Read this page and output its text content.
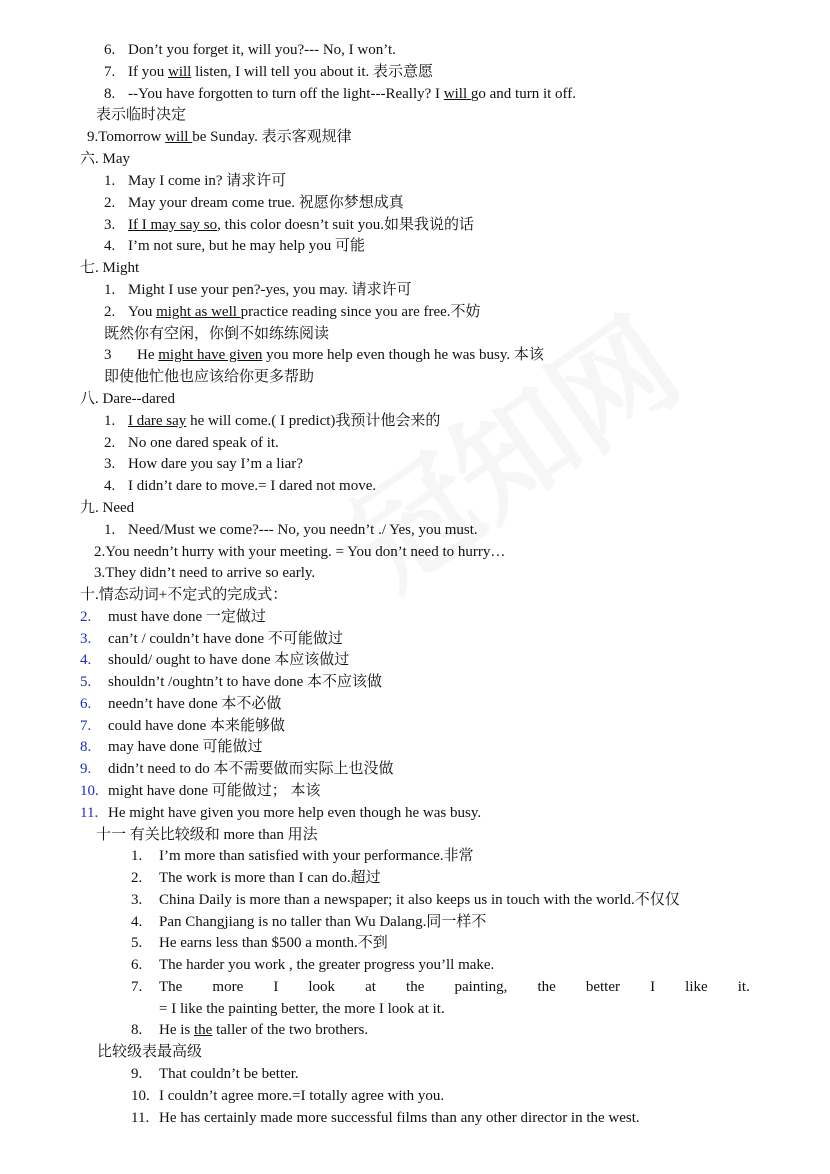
6. Don’t you forget it, will you?--- No, I won’t.
7. If you will listen, I will tell you about it. 表示意愿
8. --You have forgotten to turn off the light---Really? I will go and turn it off.
表示临时决定
9.Tomorrow will be Sunday. 表示客观规律
六. May
1. May I come in? 请求许可
2. May your dream come true. 祝愿你梦想成真
3. If I may say so, this color doesn’t suit you.如果我说的话
4. I’m not sure, but he may help you 可能
七. Might
1. Might I use your pen?-yes, you may. 请求许可
2. You might as well practice reading since you are free.不妨
既然你有空闲，你倒不如练练阅读
3 He might have given you more help even though he was busy. 本该
即使他忙他也应该给你更多帮助
八. Dare--dared
1. I dare say he will come.( I predict)我预计他会来的
2. No one dared speak of it.
3. How dare you say I’m a liar?
4. I didn’t dare to move.= I dared not move.
九. Need
1. Need/Must we come?--- No, you needn’t ./ Yes, you must.
2.You needn’t hurry with your meeting. = You don’t need to hurry…
3.They didn’t need to arrive so early.
十.情态动词+不定式的完成式：
2. must have done 一定做过
3. can’t / couldn’t have done 不可能做过
4. should/ ought to have done 本应该做过
5. shouldn’t /oughtn’t to have done 本不应该做
6. needn’t have done 本不必做
7. could have done 本来能够做
8. may have done 可能做过
9. didn’t need to do 本不需要做而实际上也没做
10. might have done 可能做过； 本该
11. He might have given you more help even though he was busy.
十一 有关比较级和 more than 用法
1. I’m more than satisfied with your performance.非常
2. The work is more than I can do.超过
3. China Daily is more than a newspaper; it also keeps us in touch with the world.不仅仅
4. Pan Changjiang is no taller than Wu Dalang.同一样不
5. He earns less than $500 a month.不到
6. The harder you work , the greater progress you’ll make.
7. The more I look at the painting, the better I like it.
= I like the painting better, the more I look at it.
8. He is the taller of the two brothers.
比较级表最高级
9. That couldn’t be better.
10. I couldn’t agree more.=I totally agree with you.
11. He has certainly made more successful films than any other director in the west.
